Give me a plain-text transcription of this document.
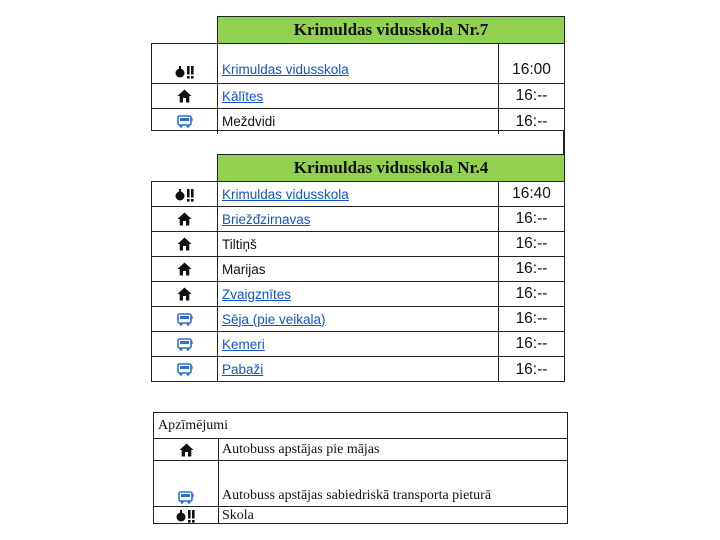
Krimuldas vidusskola Nr.7
Krimuldas vidusskola	16:00
Kālītes	16:--
Meždvidi	16:--
Krimuldas vidusskola Nr.4
Krimuldas vidusskola	16:40
Briežđzirnavas	16:--
Tiltiņš	16:--
Marijas	16:--
Zvaigznītes	16:--
Sēja (pie veikala)	16:--
Kemeri	16:--
Pabaži	16:--
Apzīmējumi
Autobuss apstājas pie mājas
Autobuss apstājas sabiedriskā transporta pieturā
Skola
